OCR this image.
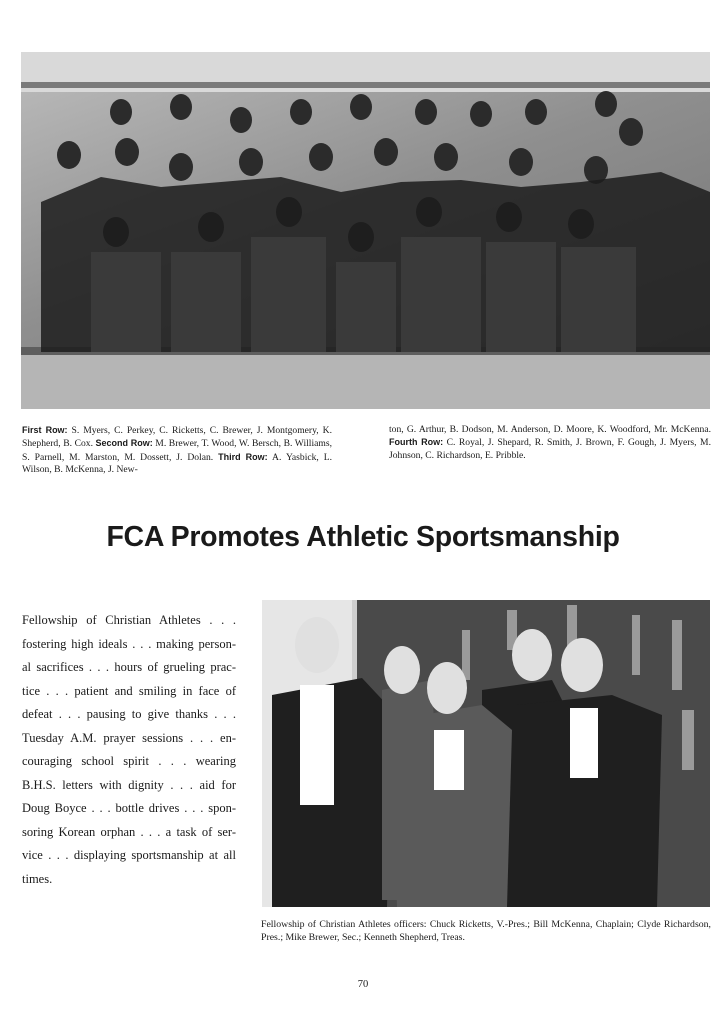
First Row: S. Myers, C. Perkey, C. Ricketts, C. Brewer, J. Montgomery, K. Shepherd, B. Cox. Second Row: M. Brewer, T. Wood, W. Bersch, B. Williams, S. Parnell, M. Marston, M. Dossett, J. Dolan. Third Row: A. Yasbick, L. Wilson, B. McKenna, J. New-
ton, G. Arthur, B. Dodson, M. Anderson, D. Moore, K. Woodford, Mr. McKenna. Fourth Row: C. Royal, J. Shepard, R. Smith, J. Brown, F. Gough, J. Myers, M. Johnson, C. Richardson, E. Pribble.
FCA Promotes Athletic Sportsmanship
Fellowship of Christian Athletes . . .
fostering high ideals . . . making person-
al sacrifices . . . hours of grueling prac-
tice . . . patient and smiling in face of
defeat . . . pausing to give thanks . . .
Tuesday A.M. prayer sessions . . . en-
couraging school spirit . . . wearing
B.H.S. letters with dignity . . . aid for
Doug Boyce . . . bottle drives . . . spon-
soring Korean orphan . . . a task of ser-
vice . . . displaying sportsmanship at all
times.
Fellowship of Christian Athletes officers: Chuck Ricketts, V.-Pres.; Bill McKenna, Chaplain; Clyde Richardson, Pres.; Mike Brewer, Sec.; Kenneth Shepherd, Treas.
70
